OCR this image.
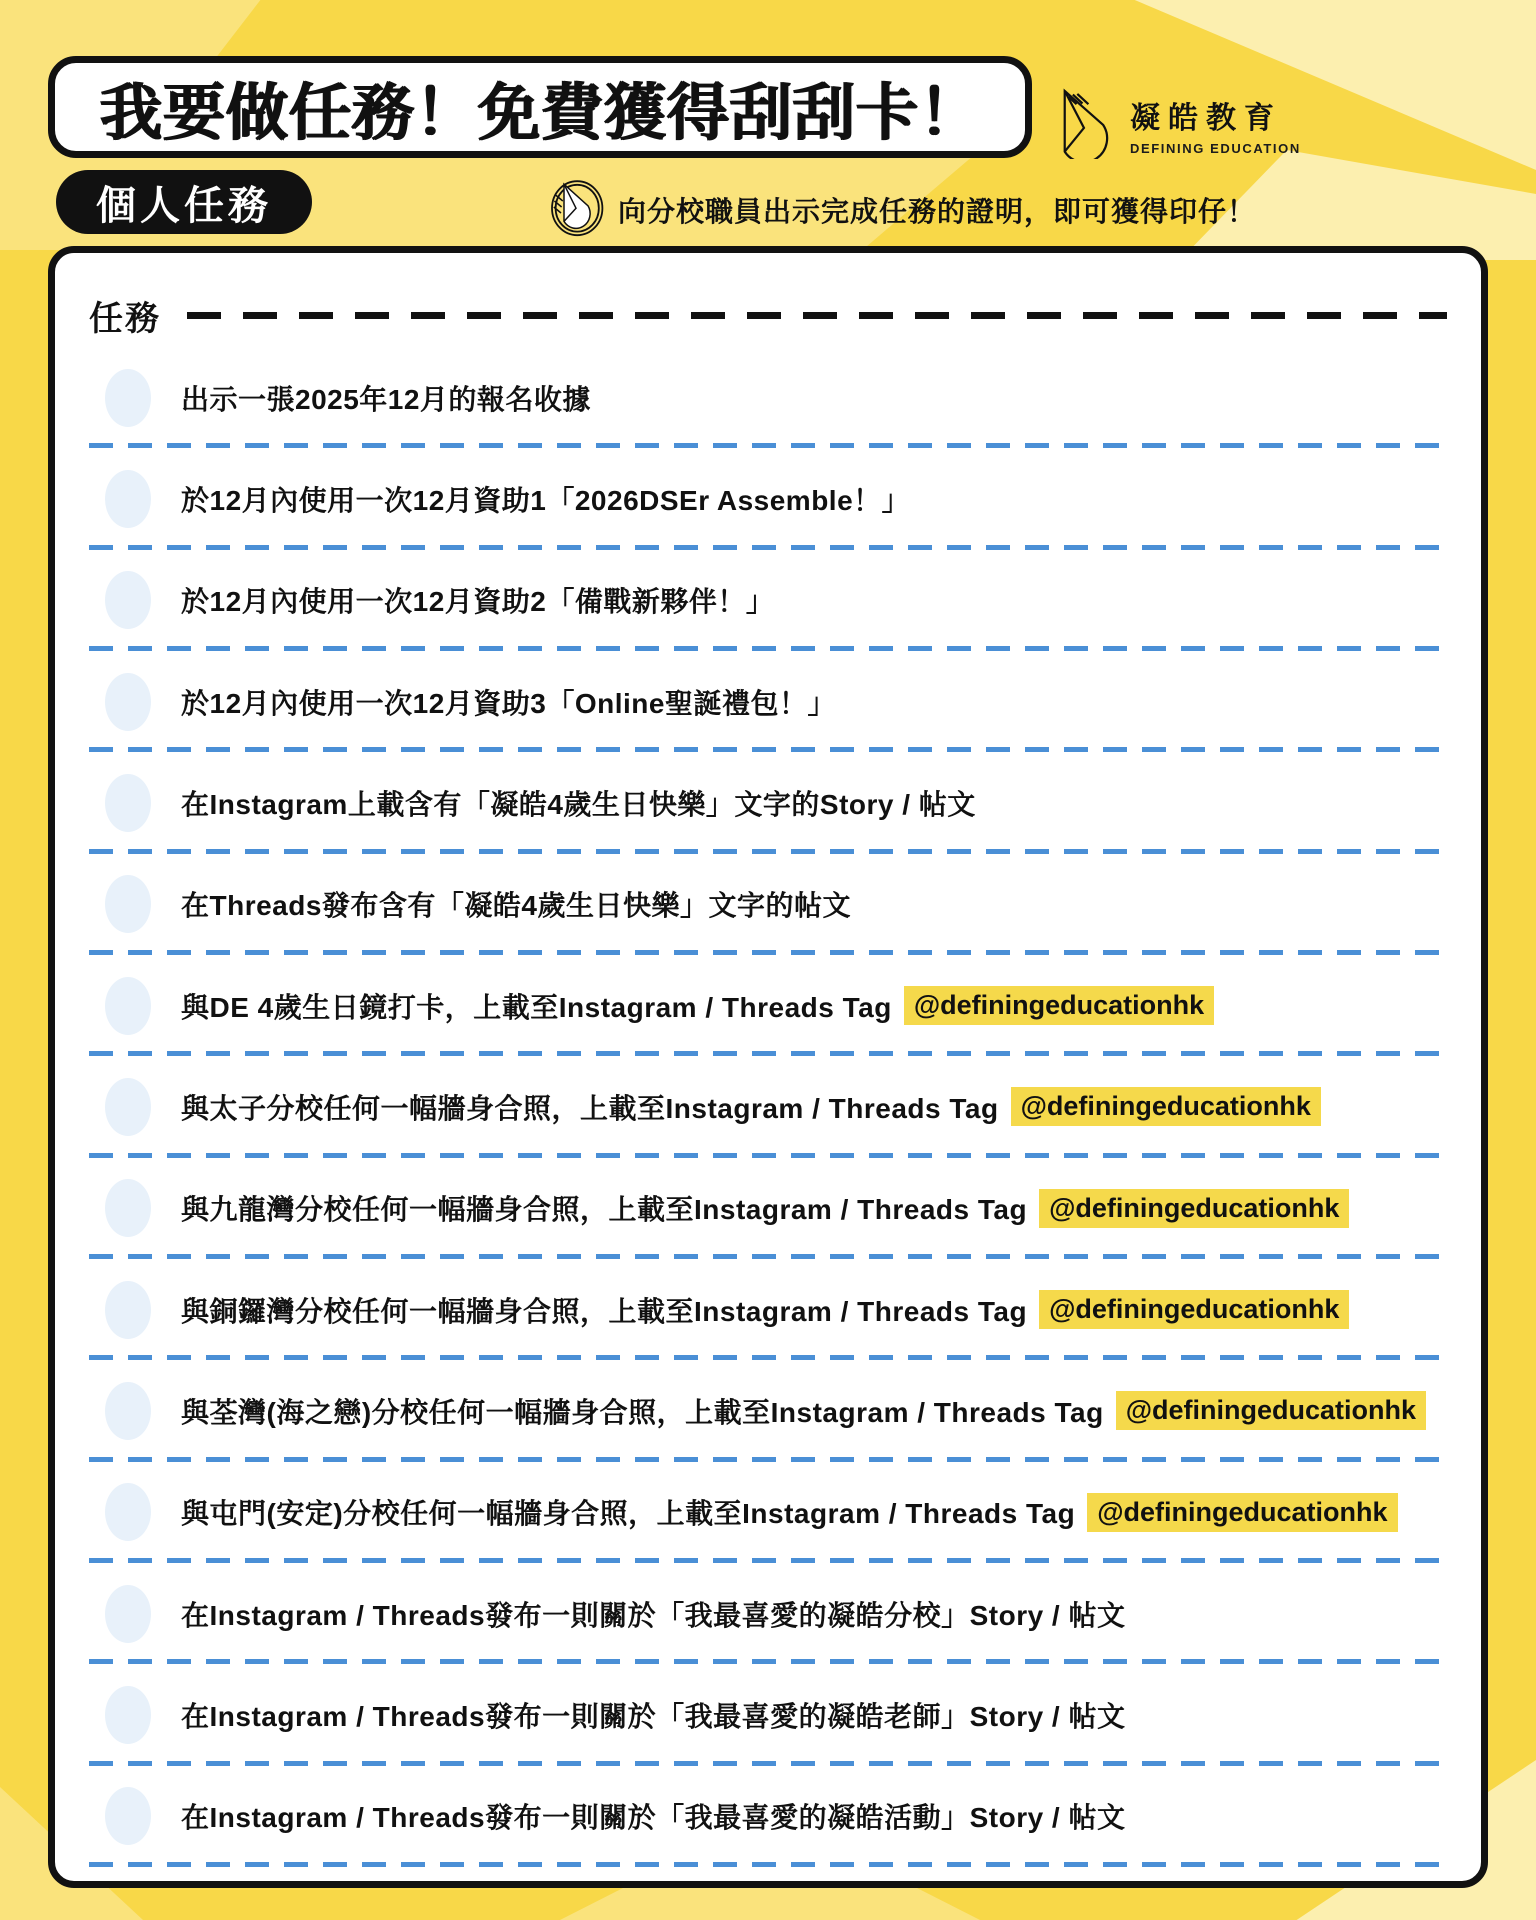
我要做任務！免費獲得刮刮卡！	凝皓教育
DEFINING EDUCATION
個人任務	向分校職員出示完成任務的證明，即可獲得印仔！
任務
出示一張2025年12月的報名收據
於12月內使用一次12月資助1「2026DSEr Assemble！」
於12月內使用一次12月資助2「備戰新夥伴！」
於12月內使用一次12月資助3「Online聖誕禮包！」
在Instagram上載含有「凝皓4歲生日快樂」文字的Story / 帖文
在Threads發布含有「凝皓4歲生日快樂」文字的帖文
與DE 4歲生日鏡打卡，上載至Instagram / Threads Tag @definingeducationhk
與太子分校任何一幅牆身合照，上載至Instagram / Threads Tag @definingeducationhk
與九龍灣分校任何一幅牆身合照，上載至Instagram / Threads Tag @definingeducationhk
與銅鑼灣分校任何一幅牆身合照，上載至Instagram / Threads Tag @definingeducationhk
與荃灣(海之戀)分校任何一幅牆身合照，上載至Instagram / Threads Tag @definingeducationhk
與屯門(安定)分校任何一幅牆身合照，上載至Instagram / Threads Tag @definingeducationhk
在Instagram / Threads發布一則關於「我最喜愛的凝皓分校」Story / 帖文
在Instagram / Threads發布一則關於「我最喜愛的凝皓老師」Story / 帖文
在Instagram / Threads發布一則關於「我最喜愛的凝皓活動」Story / 帖文
